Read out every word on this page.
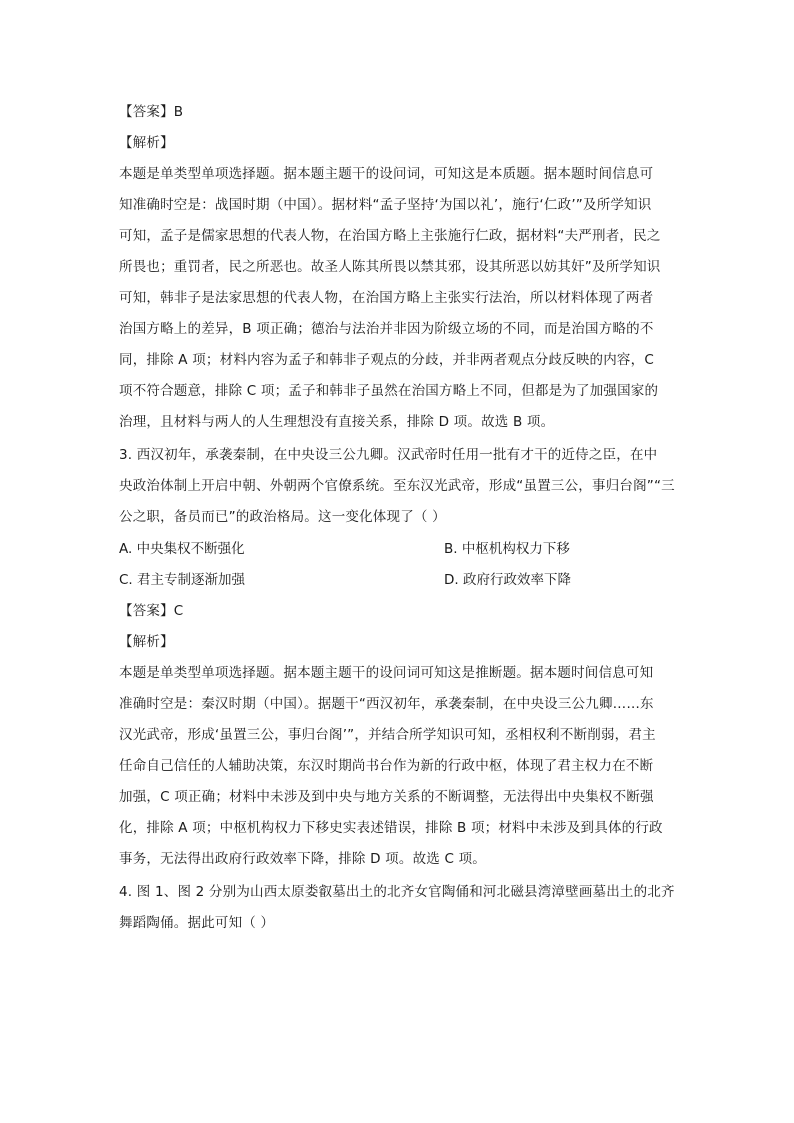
【答案】B
【解析】
本题是单类型单项选择题。据本题主题干的设问词，可知这是本质题。据本题时间信息可
知准确时空是：战国时期（中国）。据材料“孟子坚持‘为国以礼’，施行‘仁政’”及所学知识
可知，孟子是儒家思想的代表人物，在治国方略上主张施行仁政，据材料“夫严刑者，民之
所畏也；重罚者，民之所恶也。故圣人陈其所畏以禁其邪，设其所恶以妨其奸”及所学知识
可知，韩非子是法家思想的代表人物，在治国方略上主张实行法治，所以材料体现了两者
治国方略上的差异，B 项正确；德治与法治并非因为阶级立场的不同，而是治国方略的不
同，排除 A 项；材料内容为孟子和韩非子观点的分歧，并非两者观点分歧反映的内容，C
项不符合题意，排除 C 项；孟子和韩非子虽然在治国方略上不同，但都是为了加强国家的
治理，且材料与两人的人生理想没有直接关系，排除 D 项。故选 B 项。
3. 西汉初年，承袭秦制，在中央设三公九卿。汉武帝时任用一批有才干的近侍之臣，在中
央政治体制上开启中朝、外朝两个官僚系统。至东汉光武帝，形成“虽置三公，事归台阁”“三
公之职，备员而已”的政治格局。这一变化体现了（ ）
A. 中央集权不断强化	B. 中枢机构权力下移
C. 君主专制逐渐加强	D. 政府行政效率下降
【答案】C
【解析】
本题是单类型单项选择题。据本题主题干的设问词可知这是推断题。据本题时间信息可知
准确时空是：秦汉时期（中国）。据题干“西汉初年，承袭秦制，在中央设三公九卿……东
汉光武帝，形成‘虽置三公，事归台阁’”，并结合所学知识可知，丞相权利不断削弱，君主
任命自己信任的人辅助决策，东汉时期尚书台作为新的行政中枢，体现了君主权力在不断
加强，C 项正确；材料中未涉及到中央与地方关系的不断调整，无法得出中央集权不断强
化，排除 A 项；中枢机构权力下移史实表述错误，排除 B 项；材料中未涉及到具体的行政
事务，无法得出政府行政效率下降，排除 D 项。故选 C 项。
4. 图 1、图 2 分别为山西太原娄叡墓出土的北齐女官陶俑和河北磁县湾漳壁画墓出土的北齐
舞蹈陶俑。据此可知（ ）
